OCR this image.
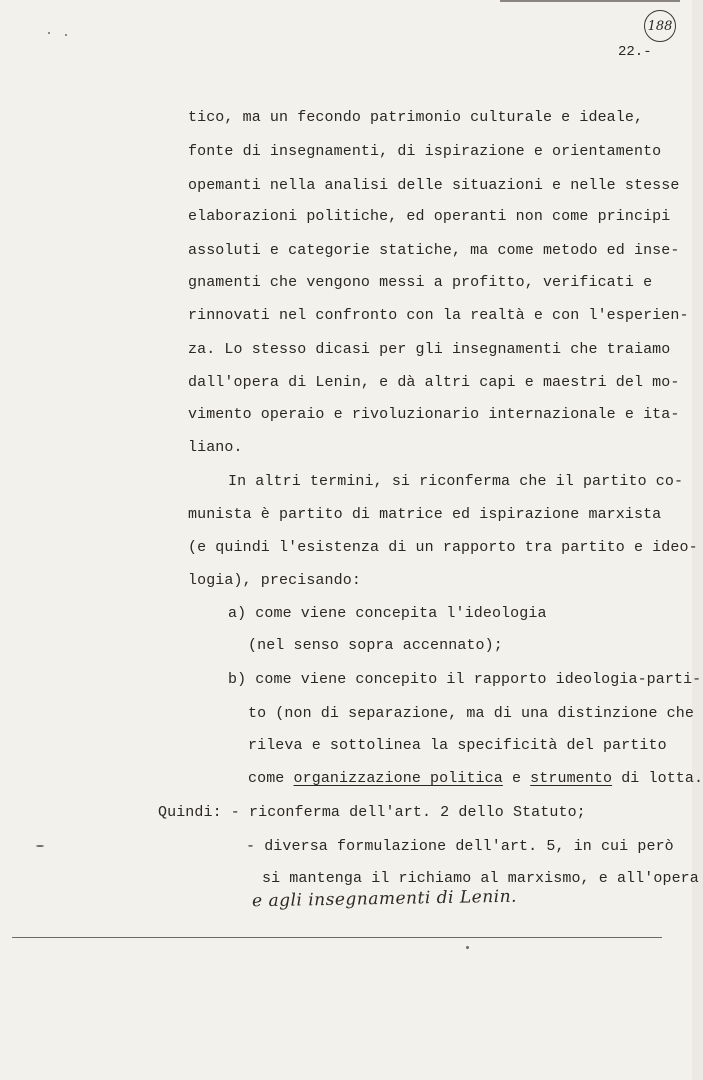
188
22.-
tico, ma un fecondo patrimonio culturale e ideale,
fonte di insegnamenti, di ispirazione e orientamento
opemanti nella analisi delle situazioni e nelle stesse
elaborazioni politiche, ed operanti non come principi
assoluti e categorie statiche, ma come metodo ed inse-
gnamenti che vengono messi a profitto, verificati e
rinnovati nel confronto con la realtà e con l'esperien-
za. Lo stesso dicasi per gli insegnamenti che traiamo
dall'opera di Lenin, e dà altri capi e maestri del mo-
vimento operaio e rivoluzionario internazionale e ita-
liano.
In altri termini, si riconferma che il partito co-
munista è partito di matrice ed ispirazione marxista
(e quindi l'esistenza di un rapporto tra partito e ideo-
logia), precisando:
a) come viene concepita l'ideologia
(nel senso sopra accennato);
b) come viene concepito il rapporto ideologia-parti-
to (non di separazione, ma di una distinzione che
rileva e sottolinea la specificità del partito
come organizzazione politica e strumento di lotta.
Quindi: - riconferma dell'art. 2 dello Statuto;
- diversa formulazione dell'art. 5, in cui però
si mantenga il richiamo al marxismo, e all'opera
e agli insegnamenti di Lenin.
